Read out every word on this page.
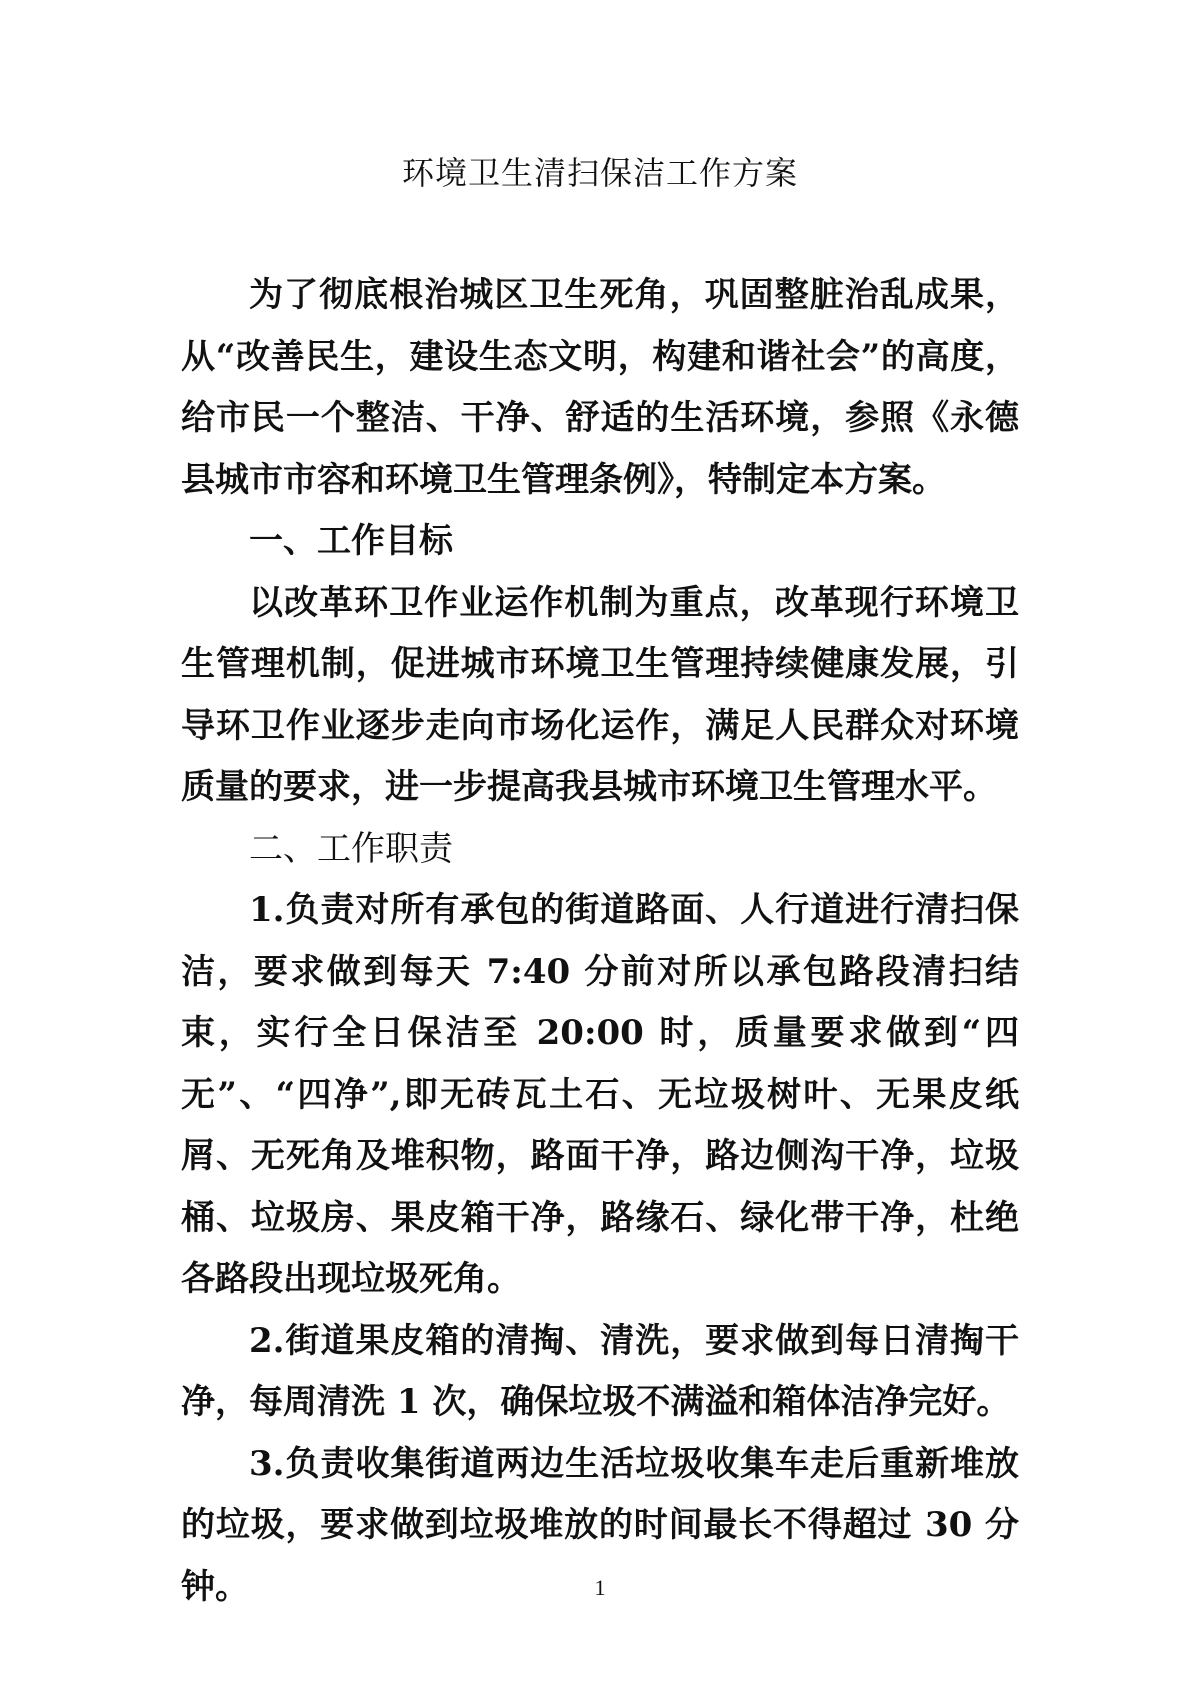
环境卫生清扫保洁工作方案

为了彻底根治城区卫生死角，巩固整脏治乱成果，从“改善民生，建设生态文明，构建和谐社会”的高度，给市民一个整洁、干净、舒适的生活环境，参照《永德县城市市容和环境卫生管理条例》，特制定本方案。

一、工作目标

以改革环卫作业运作机制为重点，改革现行环境卫生管理机制，促进城市环境卫生管理持续健康发展，引导环卫作业逐步走向市场化运作，满足人民群众对环境质量的要求，进一步提高我县城市环境卫生管理水平。

二、工作职责

1.负责对所有承包的街道路面、人行道进行清扫保洁，要求做到每天 7:40 分前对所以承包路段清扫结束，实行全日保洁至 20:00 时，质量要求做到“四无”、“四净”,即无砖瓦土石、无垃圾树叶、无果皮纸屑、无死角及堆积物，路面干净，路边侧沟干净，垃圾桶、垃圾房、果皮箱干净，路缘石、绿化带干净，杜绝各路段出现垃圾死角。

2.街道果皮箱的清掏、清洗，要求做到每日清掏干净，每周清洗 1 次，确保垃圾不满溢和箱体洁净完好。

3.负责收集街道两边生活垃圾收集车走后重新堆放的垃圾，要求做到垃圾堆放的时间最长不得超过 30 分钟。	1
